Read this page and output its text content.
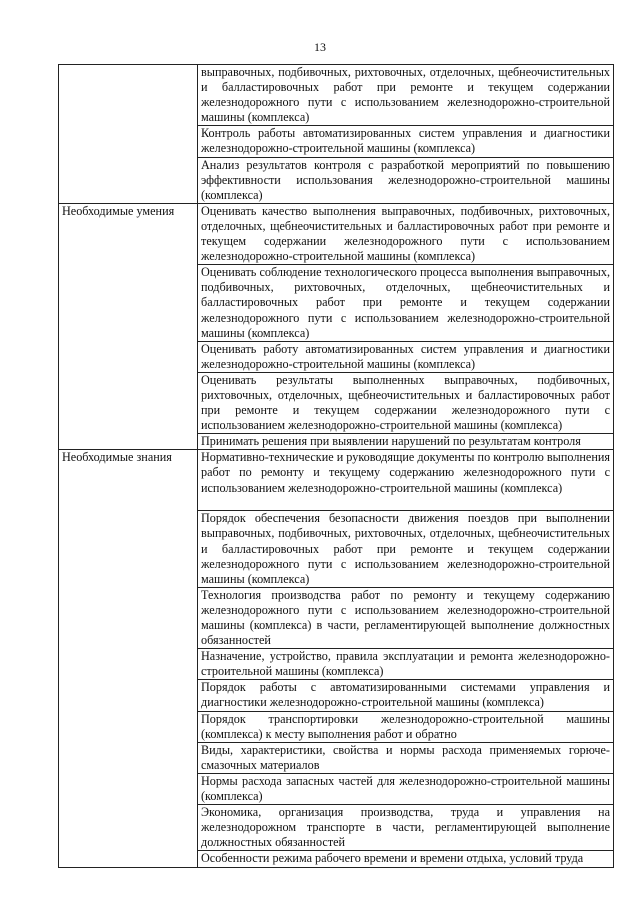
13
	выправочных, подбивочных, рихтовочных, отделочных, щебнеочистительных и балластировочных работ при ремонте и текущем содержании железнодорожного пути с использованием железнодорожно-строительной машины (комплекса)
	Контроль работы автоматизированных систем управления и диагностики железнодорожно-строительной машины (комплекса)
	Анализ результатов контроля с разработкой мероприятий по повышению эффективности использования железнодорожно-строительной машины (комплекса)
Необходимые умения	Оценивать качество выполнения выправочных, подбивочных, рихтовочных, отделочных, щебнеочистительных и балластировочных работ при ремонте и текущем содержании железнодорожного пути с использованием железнодорожно-строительной машины (комплекса)
	Оценивать соблюдение технологического процесса выполнения выправочных, подбивочных, рихтовочных, отделочных, щебнеочистительных и балластировочных работ при ремонте и текущем содержании железнодорожного пути с использованием железнодорожно-строительной машины (комплекса)
	Оценивать работу автоматизированных систем управления и диагностики железнодорожно-строительной машины (комплекса)
	Оценивать результаты выполненных выправочных, подбивочных, рихтовочных, отделочных, щебнеочистительных и балластировочных работ при ремонте и текущем содержании железнодорожного пути с использованием железнодорожно-строительной машины (комплекса)
	Принимать решения при выявлении нарушений по результатам контроля
Необходимые знания	Нормативно-технические и руководящие документы по контролю выполнения работ по ремонту и текущему содержанию железнодорожного пути с использованием железнодорожно-строительной машины (комплекса)
	Порядок обеспечения безопасности движения поездов при выполнении выправочных, подбивочных, рихтовочных, отделочных, щебнеочистительных и балластировочных работ при ремонте и текущем содержании железнодорожного пути с использованием железнодорожно-строительной машины (комплекса)
	Технология производства работ по ремонту и текущему содержанию железнодорожного пути с использованием железнодорожно-строительной машины (комплекса) в части, регламентирующей выполнение должностных обязанностей
	Назначение, устройство, правила эксплуатации и ремонта железнодорожно-строительной машины (комплекса)
	Порядок работы с автоматизированными системами управления и диагностики железнодорожно-строительной машины (комплекса)
	Порядок транспортировки железнодорожно-строительной машины (комплекса) к месту выполнения работ и обратно
	Виды, характеристики, свойства и нормы расхода применяемых горюче-смазочных материалов
	Нормы расхода запасных частей для железнодорожно-строительной машины (комплекса)
	Экономика, организация производства, труда и управления на железнодорожном транспорте в части, регламентирующей выполнение должностных обязанностей
	Особенности режима рабочего времени и времени отдыха, условий труда
